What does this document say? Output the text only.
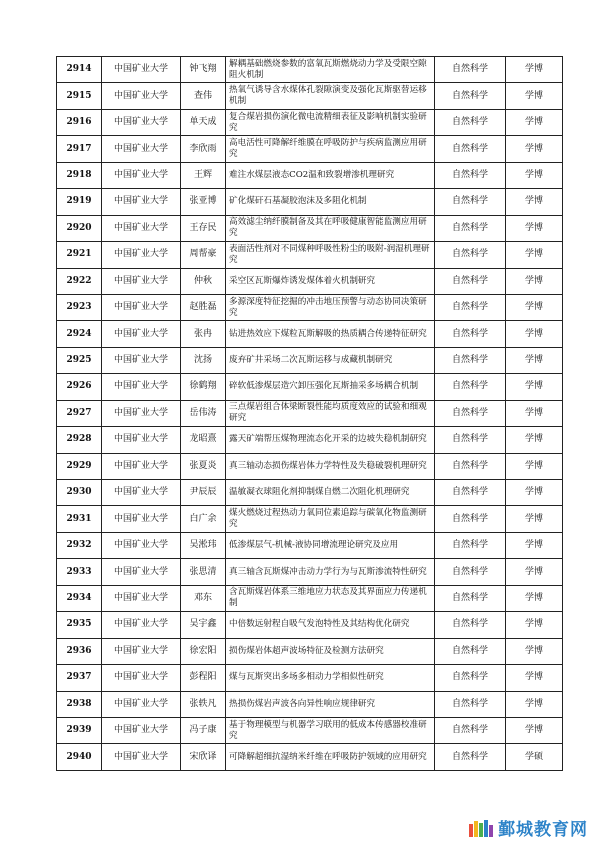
2914	中国矿业大学	钟飞翔	解耦基础燃烧参数的富氧瓦斯燃烧动力学及受限空隙阻火机制	自然科学	学博
2915	中国矿业大学	查伟	热氧气诱导含水煤体孔裂隙演变及强化瓦斯驱替运移机制	自然科学	学博
2916	中国矿业大学	单天成	复合煤岩损伤演化微电流精细表征及影响机制实验研究	自然科学	学博
2917	中国矿业大学	李欣雨	高电活性可降解纤维膜在呼吸防护与疾病监测应用研究	自然科学	学博
2918	中国矿业大学	王辉	难注水煤层液态CO2温和致裂增渗机理研究	自然科学	学博
2919	中国矿业大学	张亚博	矿化煤矸石基凝胶泡沫及多阻化机制	自然科学	学博
2920	中国矿业大学	王存民	高效滤尘纳纤膜制备及其在呼吸健康智能监测应用研究	自然科学	学博
2921	中国矿业大学	周帮豪	表面活性剂对不同煤种呼吸性粉尘的吸附-润湿机理研究	自然科学	学博
2922	中国矿业大学	仲秋	采空区瓦斯爆炸诱发煤体着火机制研究	自然科学	学博
2923	中国矿业大学	赵胜磊	多源深度特征挖掘的冲击地压预警与动态协同决策研究	自然科学	学博
2924	中国矿业大学	张冉	钻进热效应下煤粒瓦斯解吸的热质耦合传递特征研究	自然科学	学博
2925	中国矿业大学	沈扬	废弃矿井采场二次瓦斯运移与成藏机制研究	自然科学	学博
2926	中国矿业大学	徐鹤翔	碎软低渗煤层造穴卸压强化瓦斯抽采多场耦合机制	自然科学	学博
2927	中国矿业大学	岳伟涛	三点煤岩组合体梁断裂性能均质度效应的试验和细观研究	自然科学	学博
2928	中国矿业大学	龙昭熹	露天矿端帮压煤物理流态化开采的边坡失稳机制研究	自然科学	学博
2929	中国矿业大学	张夏炎	真三轴动态损伤煤岩体力学特性及失稳破裂机理研究	自然科学	学博
2930	中国矿业大学	尹辰辰	温敏凝衣球阻化剂抑制煤自燃二次阻化机理研究	自然科学	学博
2931	中国矿业大学	白广余	煤火燃烧过程热动力氧同位素追踪与碳氧化物监测研究	自然科学	学博
2932	中国矿业大学	吴淞玮	低渗煤层气-机械-液协同增流理论研究及应用	自然科学	学博
2933	中国矿业大学	张思清	真三轴含瓦斯煤冲击动力学行为与瓦斯渗流特性研究	自然科学	学博
2934	中国矿业大学	邓东	含瓦斯煤岩体系三维地应力状态及其界面应力传递机制	自然科学	学博
2935	中国矿业大学	吴宇鑫	中倍数远射程自吸气发泡特性及其结构优化研究	自然科学	学博
2936	中国矿业大学	徐宏阳	损伤煤岩体超声波场特征及检测方法研究	自然科学	学博
2937	中国矿业大学	彭程阳	煤与瓦斯突出多场多相动力学相似性研究	自然科学	学博
2938	中国矿业大学	张轶凡	热损伤煤岩声波各向异性响应规律研究	自然科学	学博
2939	中国矿业大学	冯子康	基于物理模型与机器学习联用的低成本传感器校准研究	自然科学	学博
2940	中国矿业大学	宋欣译	可降解超细抗湿纳米纤维在呼吸防护领域的应用研究	自然科学	学硕
鄞城教育网
